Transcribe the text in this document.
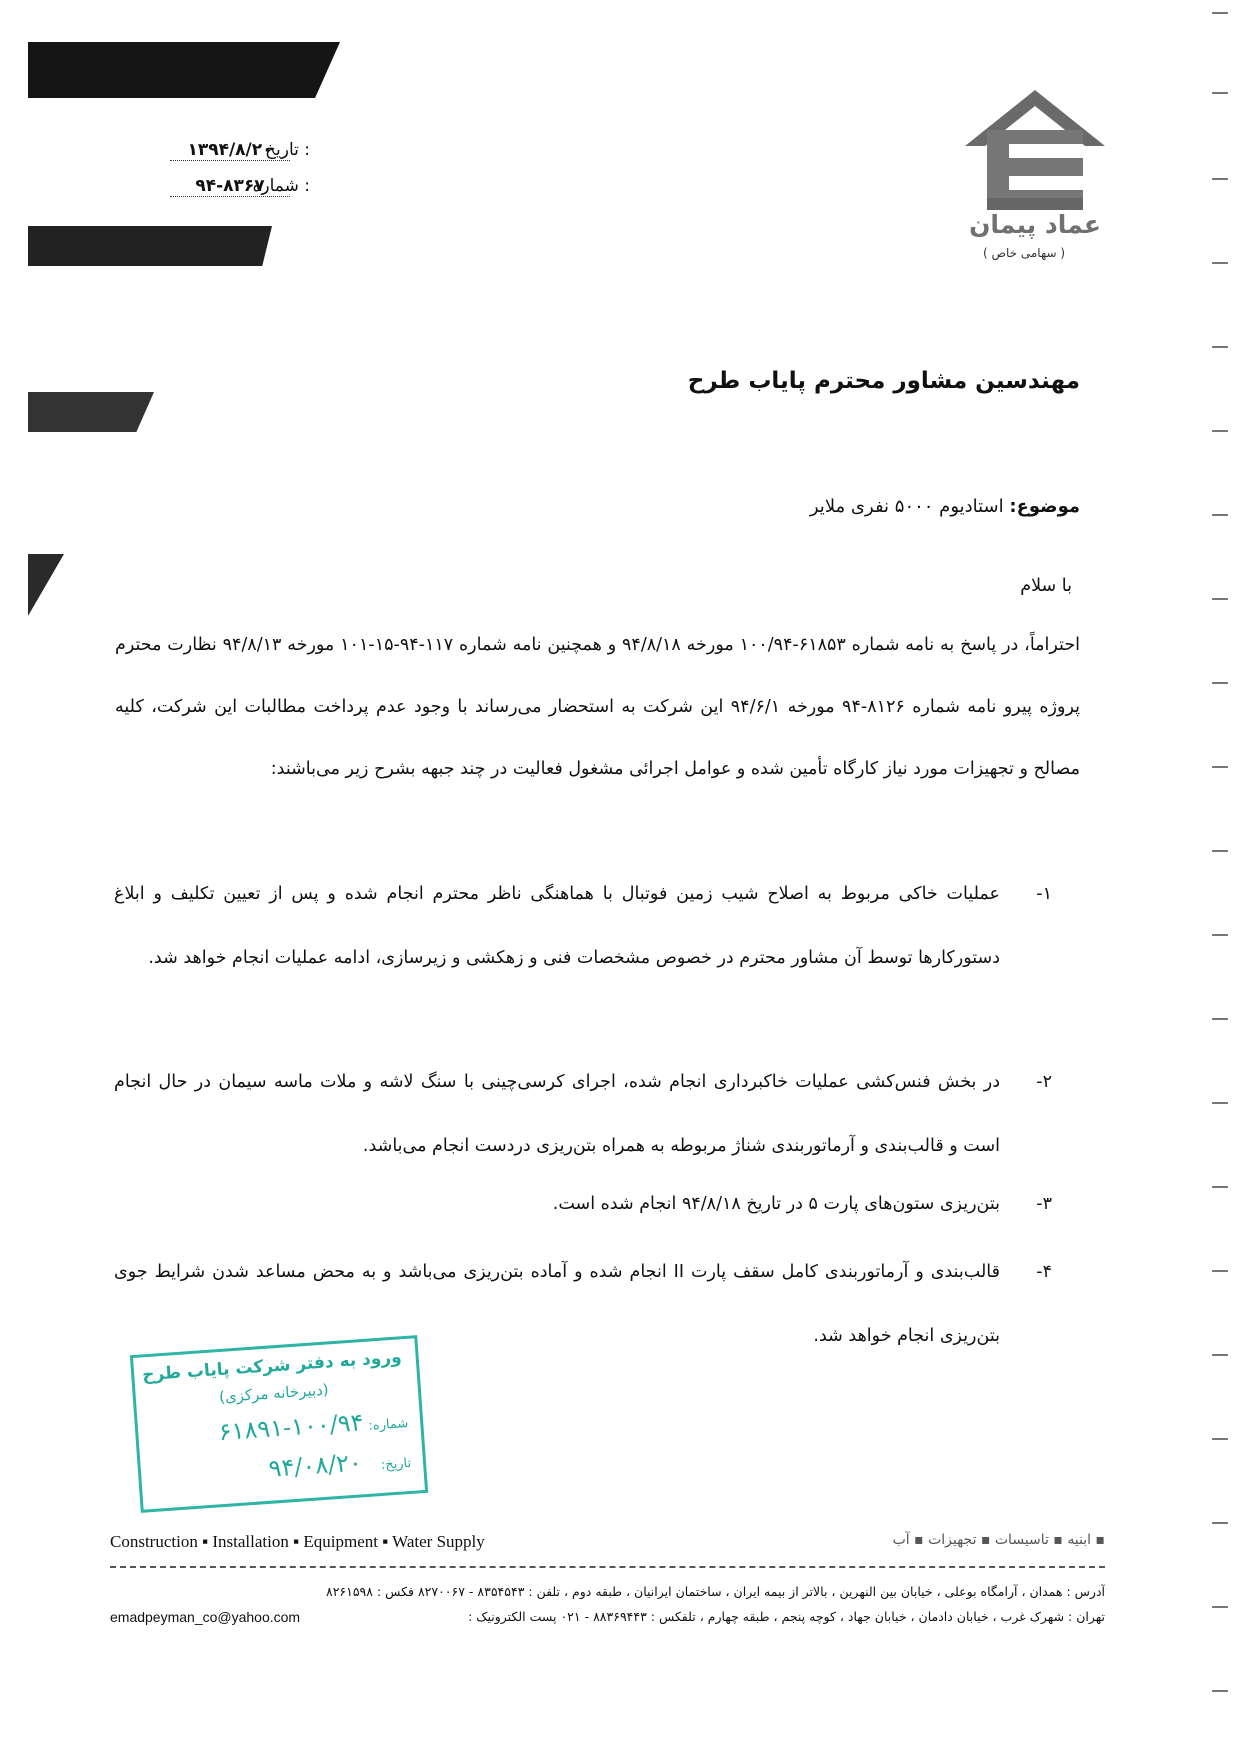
۱۳۹۴/۸/۲۰
: تاریخ
۹۴-۸۳۶۷
: شماره
عماد پیمان
( سهامی خاص )
مهندسین مشاور محترم پایاب طرح
موضوع: استادیوم ۵۰۰۰ نفری ملایر
با سلام
احتراماً، در پاسخ به نامه شماره ۶۱۸۵۳-۱۰۰/۹۴ مورخه ۹۴/۸/۱۸ و همچنین نامه شماره ۱۱۷-۹۴-۱۵-۱۰۱ مورخه ۹۴/۸/۱۳ نظارت محترم پروژه پیرو نامه شماره ۸۱۲۶-۹۴ مورخه ۹۴/۶/۱ این شرکت به استحضار می‌رساند با وجود عدم پرداخت مطالبات این شرکت، کلیه مصالح و تجهیزات مورد نیاز کارگاه تأمین شده و عوامل اجرائی مشغول فعالیت در چند جبهه بشرح زیر می‌باشند:
۱-
عملیات خاکی مربوط به اصلاح شیب زمین فوتبال با هماهنگی ناظر محترم انجام شده و پس از تعیین تکلیف و ابلاغ دستورکارها توسط آن مشاور محترم در خصوص مشخصات فنی و زهکشی و زیرسازی، ادامه عملیات انجام خواهد شد.
۲-
در بخش فنس‌کشی عملیات خاکبرداری انجام شده، اجرای کرسی‌چینی با سنگ لاشه و ملات ماسه سیمان در حال انجام است و قالب‌بندی و آرماتوربندی شناژ مربوطه به همراه بتن‌ریزی دردست انجام می‌باشد.
۳-
بتن‌ریزی ستون‌های پارت ۵ در تاریخ ۹۴/۸/۱۸ انجام شده است.
۴-
قالب‌بندی و آرماتوربندی کامل سقف پارت II انجام شده و آماده بتن‌ریزی می‌باشد و به محض مساعد شدن شرایط جوی بتن‌ریزی انجام خواهد شد.
ورود به دفتر شرکت پایاب طرح
(دبیرخانه مرکزی)
شماره: ۱۰۰/۹۴-۶۱۸۹۱
تاریخ: ۹۴/۰۸/۲۰
Construction ▪ Installation ▪ Equipment ▪ Water Supply	▪ ابنیه ▪ تاسیسات ▪ تجهیزات ▪ آب
آدرس : همدان ، آرامگاه بوعلی ، خیابان بین النهرین ، بالاتر از بیمه ایران ، ساختمان ایرانیان ، طبقه دوم ، تلفن : ۸۳۵۴۵۴۳ - ۸۲۷۰۰۶۷ فکس : ۸۲۶۱۵۹۸
emadpeyman_co@yahoo.com	تهران : شهرک غرب ، خیابان دادمان ، خیابان جهاد ، کوچه پنجم ، طبقه چهارم ، تلفکس : ۸۸۳۶۹۴۴۳ - ۰۲۱ پست الکترونیک :
